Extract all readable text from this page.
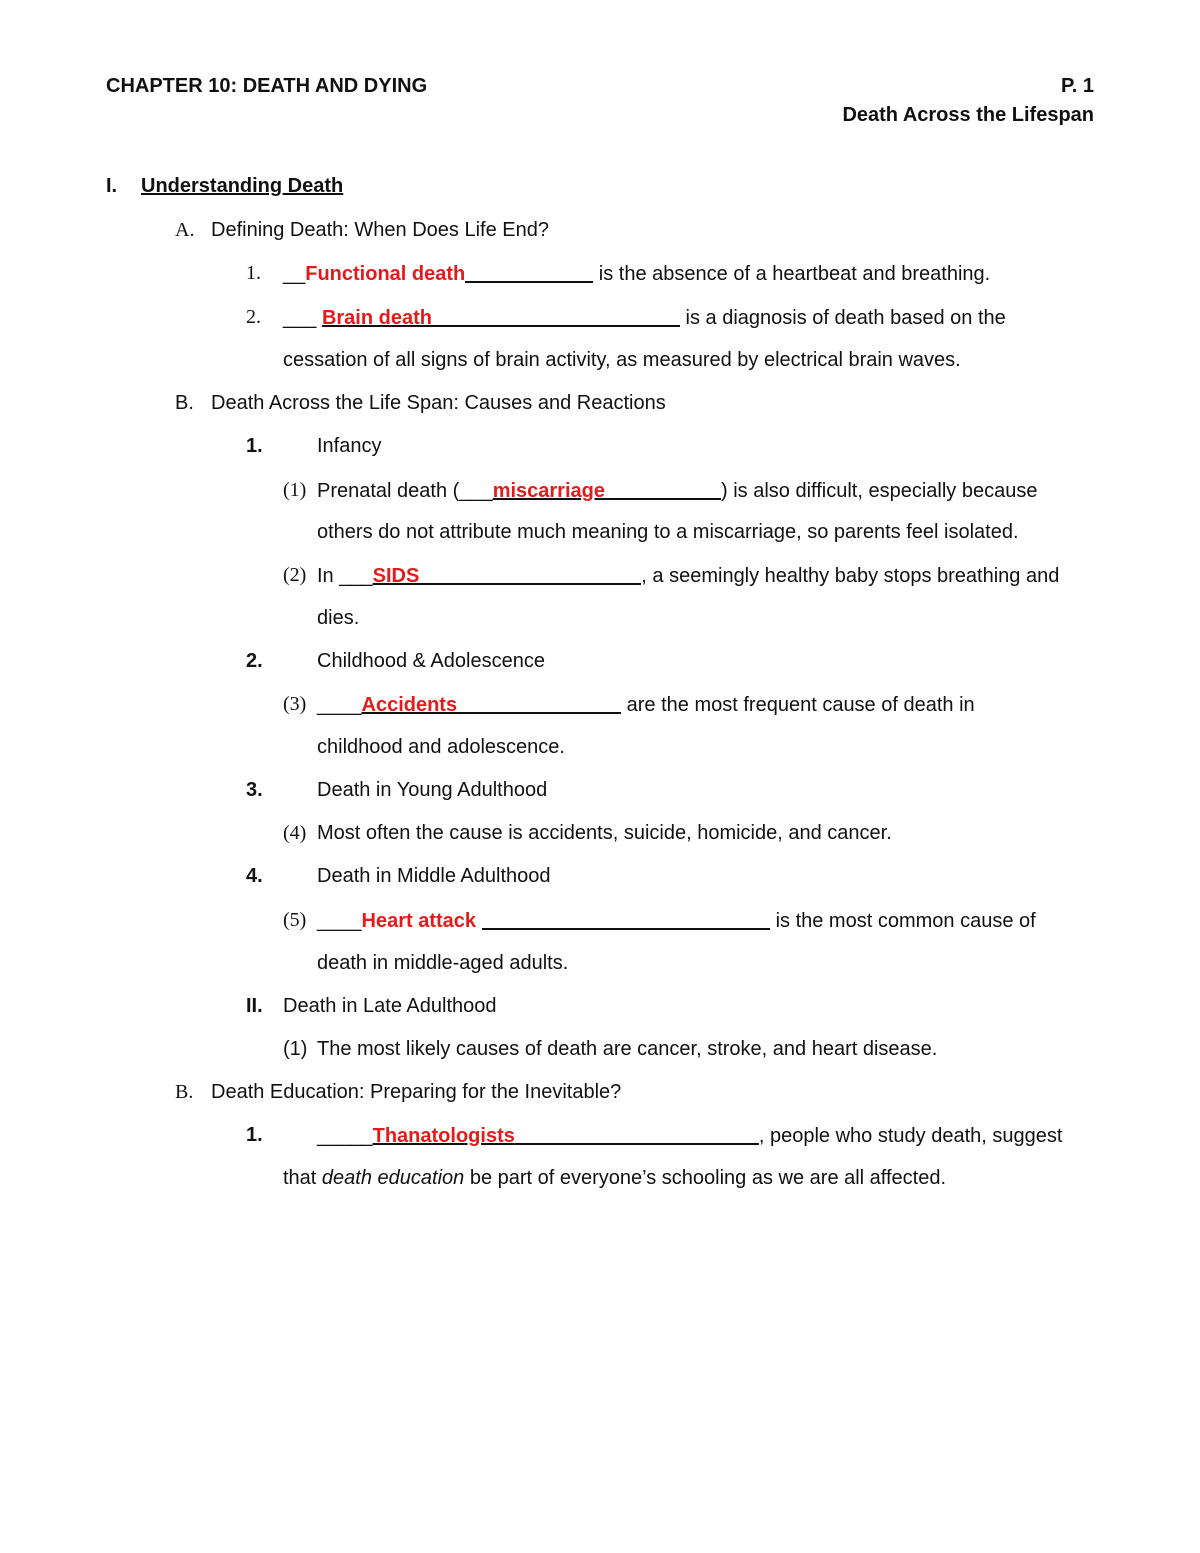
CHAPTER 10: DEATH AND DYING	P. 1
Death Across the Lifespan
I. Understanding Death
A. Defining Death: When Does Life End?
1. __Functional death	is the absence of a heartbeat and breathing.
2. ___ Brain death	is a diagnosis of death based on the
cessation of all signs of brain activity, as measured by electrical brain waves.
B. Death Across the Life Span: Causes and Reactions
1.	Infancy
(1) Prenatal death (___miscarriage	) is also difficult, especially because
others do not attribute much meaning to a miscarriage, so parents feel isolated.
(2) In ___SIDS	, a seemingly healthy baby stops breathing and
dies.
2.	Childhood & Adolescence
(3) ____Accidents	are the most frequent cause of death in
childhood and adolescence.
3.	Death in Young Adulthood
(4) Most often the cause is accidents, suicide, homicide, and cancer.
4.	Death in Middle Adulthood
(5) ____Heart attack	is the most common cause of
death in middle-aged adults.
II. Death in Late Adulthood
(1) The most likely causes of death are cancer, stroke, and heart disease.
B. Death Education: Preparing for the Inevitable?
1.	_____Thanatologists	, people who study death, suggest
that death education be part of everyone’s schooling as we are all affected.
